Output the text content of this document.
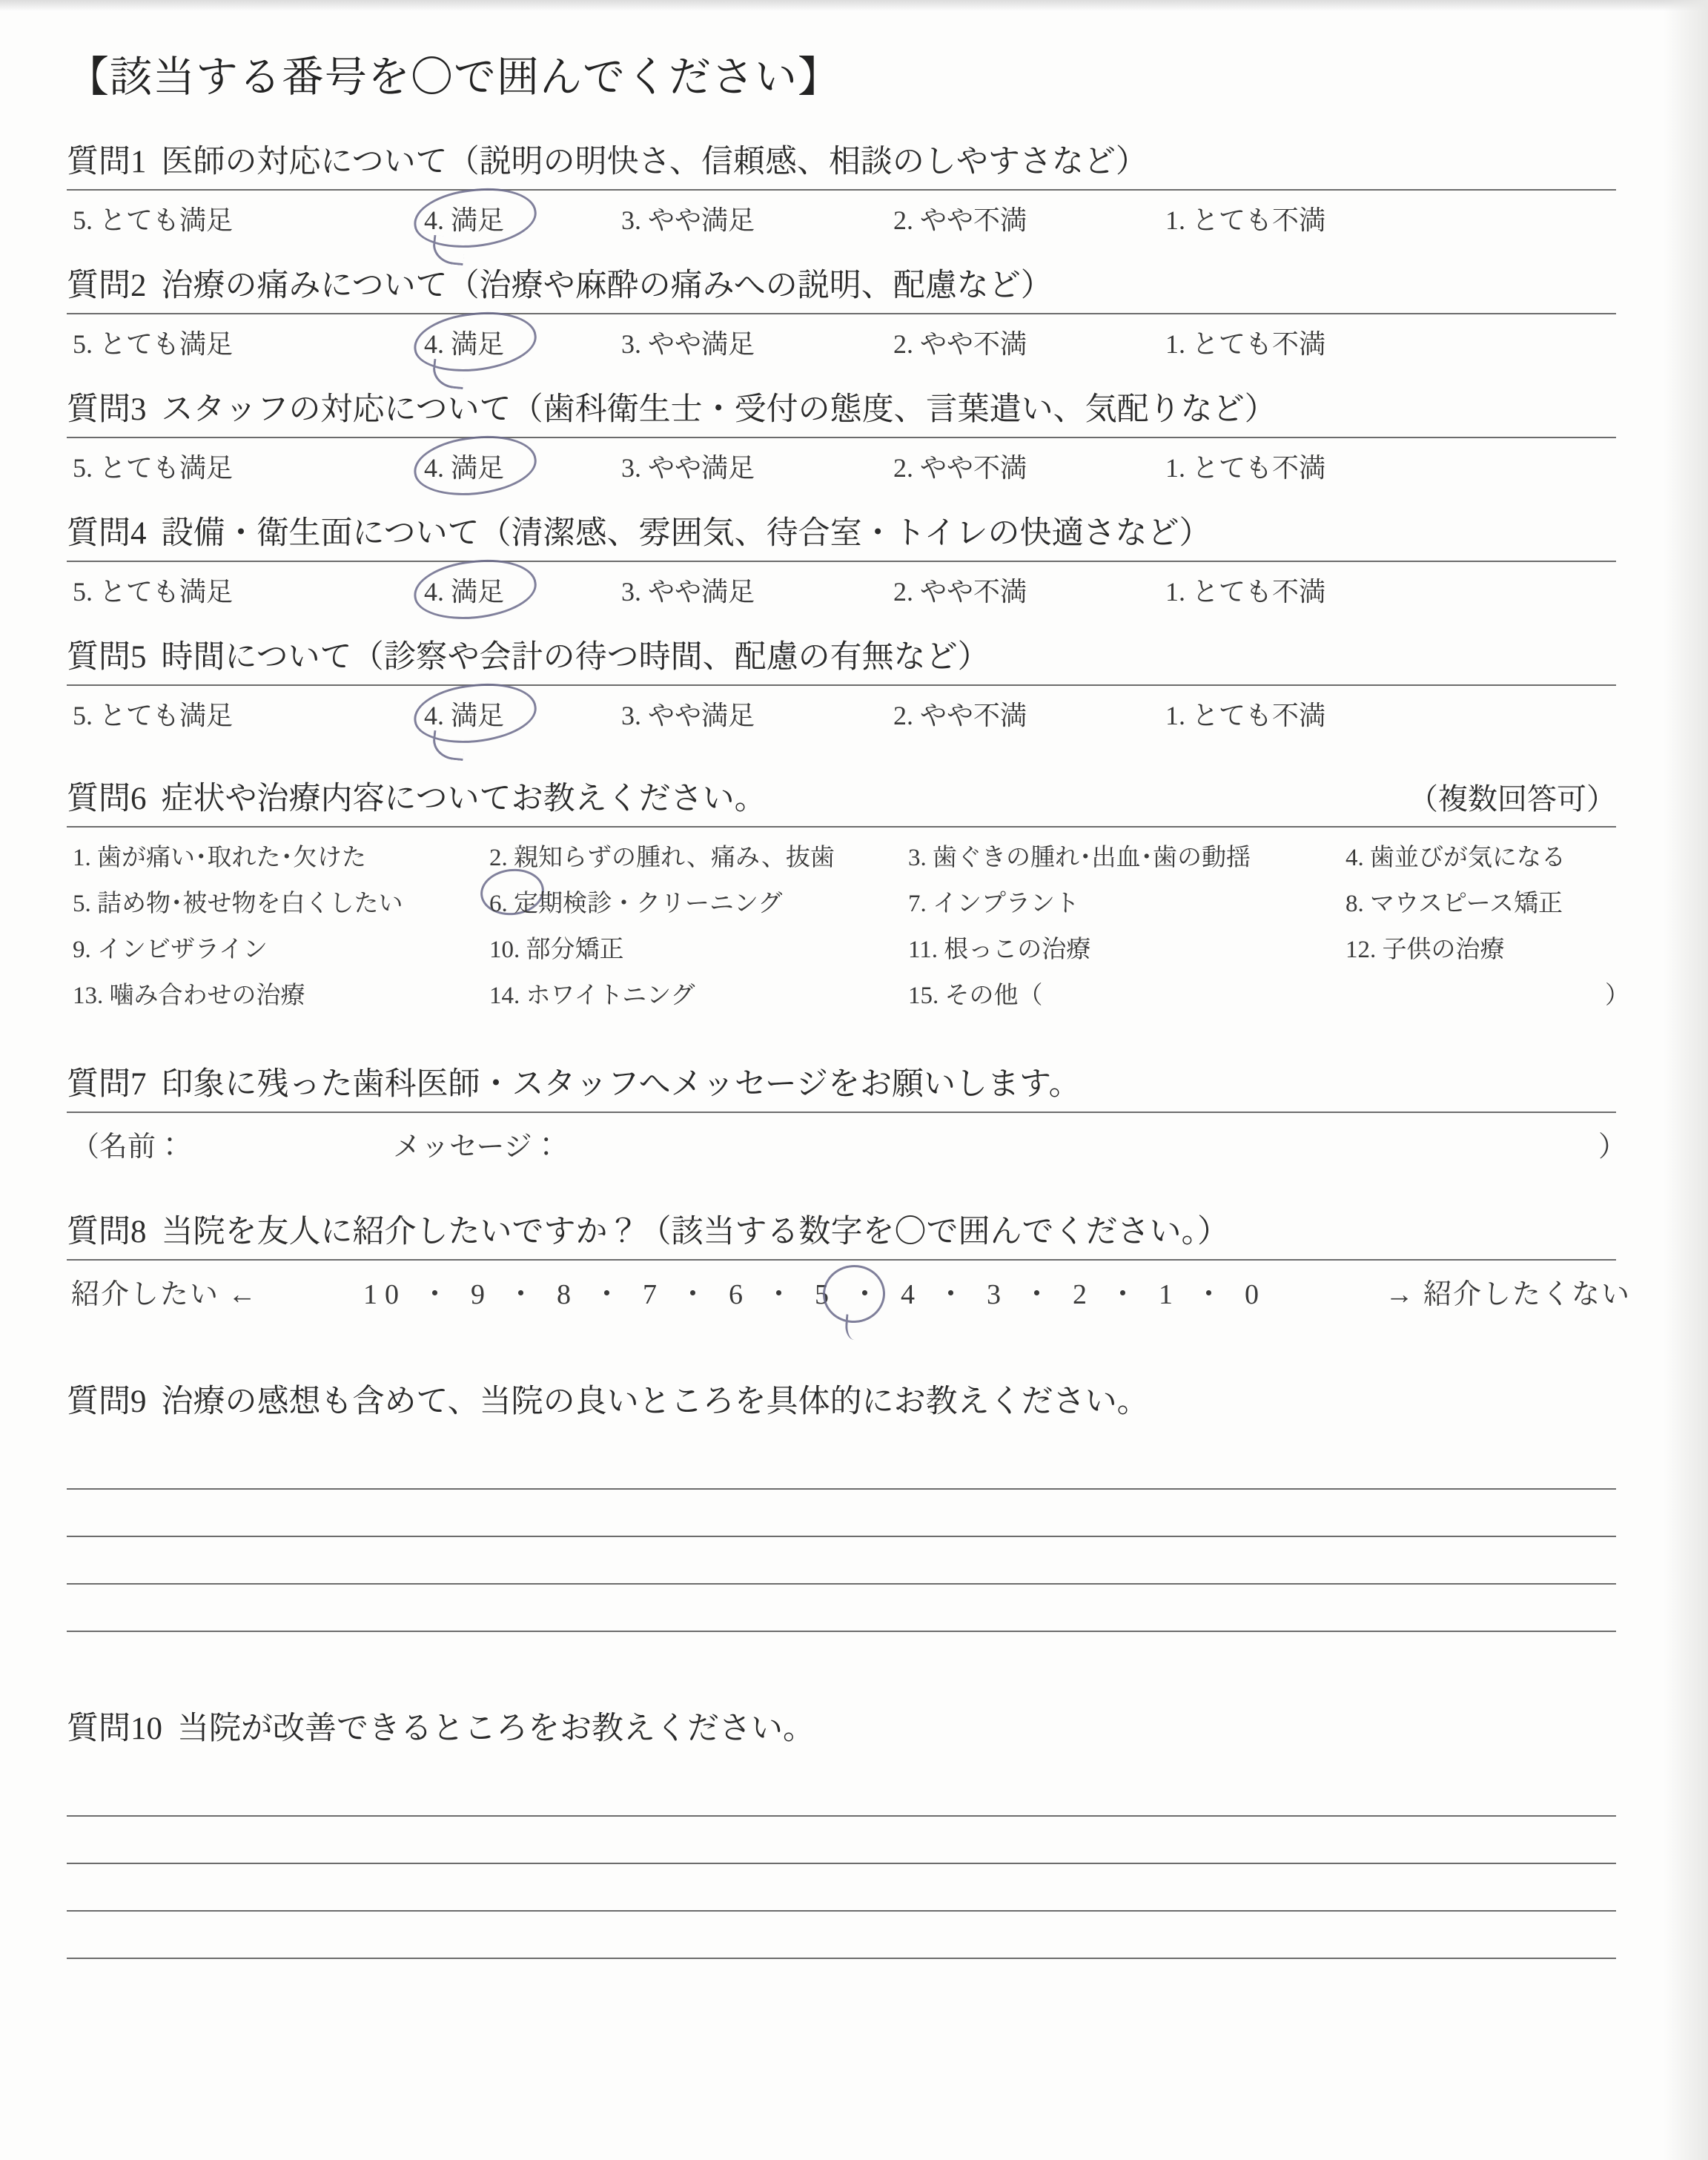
【該当する番号を〇で囲んでください】
質問1 医師の対応について（説明の明快さ、信頼感、相談のしやすさなど）
5. とても満足	4. 満足	3. やや満足	2. やや不満	1. とても不満
質問2 治療の痛みについて（治療や麻酔の痛みへの説明、配慮など）
5. とても満足	4. 満足	3. やや満足	2. やや不満	1. とても不満
質問3 スタッフの対応について（歯科衛生士・受付の態度、言葉遣い、気配りなど）
5. とても満足	4. 満足	3. やや満足	2. やや不満	1. とても不満
質問4 設備・衛生面について（清潔感、雰囲気、待合室・トイレの快適さなど）
5. とても満足	4. 満足	3. やや満足	2. やや不満	1. とても不満
質問5 時間について（診察や会計の待つ時間、配慮の有無など）
5. とても満足	4. 満足	3. やや満足	2. やや不満	1. とても不満
質問6 症状や治療内容についてお教えください。	（複数回答可）
1. 歯が痛い･取れた･欠けた	2. 親知らずの腫れ、痛み、抜歯	3. 歯ぐきの腫れ･出血･歯の動揺	4. 歯並びが気になる
5. 詰め物･被せ物を白くしたい	6. 定期検診・クリーニング	7. インプラント	8. マウスピース矯正
9. インビザライン	10. 部分矯正	11. 根っこの治療	12. 子供の治療
13. 噛み合わせの治療	14. ホワイトニング	15. その他（	）
質問7 印象に残った歯科医師・スタッフへメッセージをお願いします。
（名前：	メッセージ：	）
質問8 当院を友人に紹介したいですか？（該当する数字を〇で囲んでください。）
紹介したい ←	10 ・ 9 ・ 8 ・ 7 ・ 6 ・ 5 ・ 4 ・ 3 ・ 2 ・ 1 ・ 0	→ 紹介したくない
質問9 治療の感想も含めて、当院の良いところを具体的にお教えください。
質問10 当院が改善できるところをお教えください。
